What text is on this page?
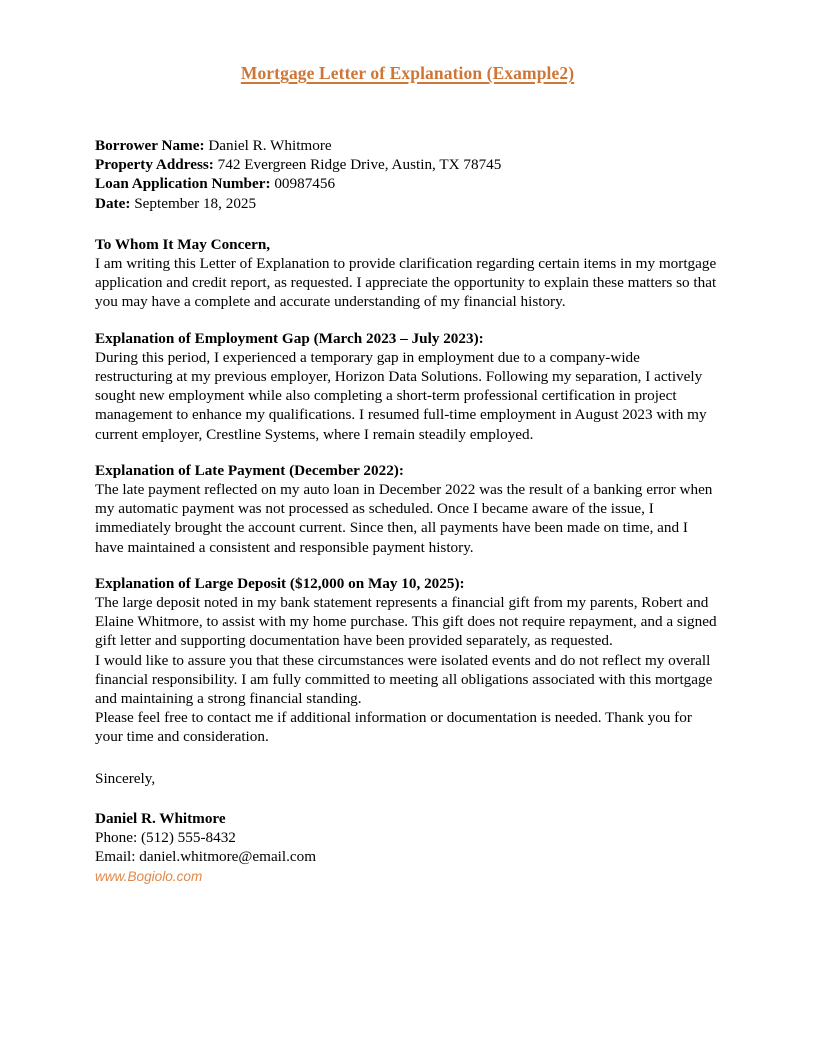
Mortgage Letter of Explanation (Example2)
Borrower Name: Daniel R. Whitmore
Property Address: 742 Evergreen Ridge Drive, Austin, TX 78745
Loan Application Number: 00987456
Date: September 18, 2025
To Whom It May Concern,

I am writing this Letter of Explanation to provide clarification regarding certain items in my mortgage application and credit report, as requested. I appreciate the opportunity to explain these matters so that you may have a complete and accurate understanding of my financial history.

Explanation of Employment Gap (March 2023 – July 2023):

During this period, I experienced a temporary gap in employment due to a company-wide restructuring at my previous employer, Horizon Data Solutions. Following my separation, I actively sought new employment while also completing a short-term professional certification in project management to enhance my qualifications. I resumed full-time employment in August 2023 with my current employer, Crestline Systems, where I remain steadily employed.

Explanation of Late Payment (December 2022):

The late payment reflected on my auto loan in December 2022 was the result of a banking error when my automatic payment was not processed as scheduled. Once I became aware of the issue, I immediately brought the account current. Since then, all payments have been made on time, and I have maintained a consistent and responsible payment history.

Explanation of Large Deposit ($12,000 on May 10, 2025):

The large deposit noted in my bank statement represents a financial gift from my parents, Robert and Elaine Whitmore, to assist with my home purchase. This gift does not require repayment, and a signed gift letter and supporting documentation have been provided separately, as requested.

I would like to assure you that these circumstances were isolated events and do not reflect my overall financial responsibility. I am fully committed to meeting all obligations associated with this mortgage and maintaining a strong financial standing.

Please feel free to contact me if additional information or documentation is needed. Thank you for your time and consideration.

Sincerely,
Daniel R. Whitmore
Phone: (512) 555-8432
Email: daniel.whitmore@email.com
www.Bogiolo.com
